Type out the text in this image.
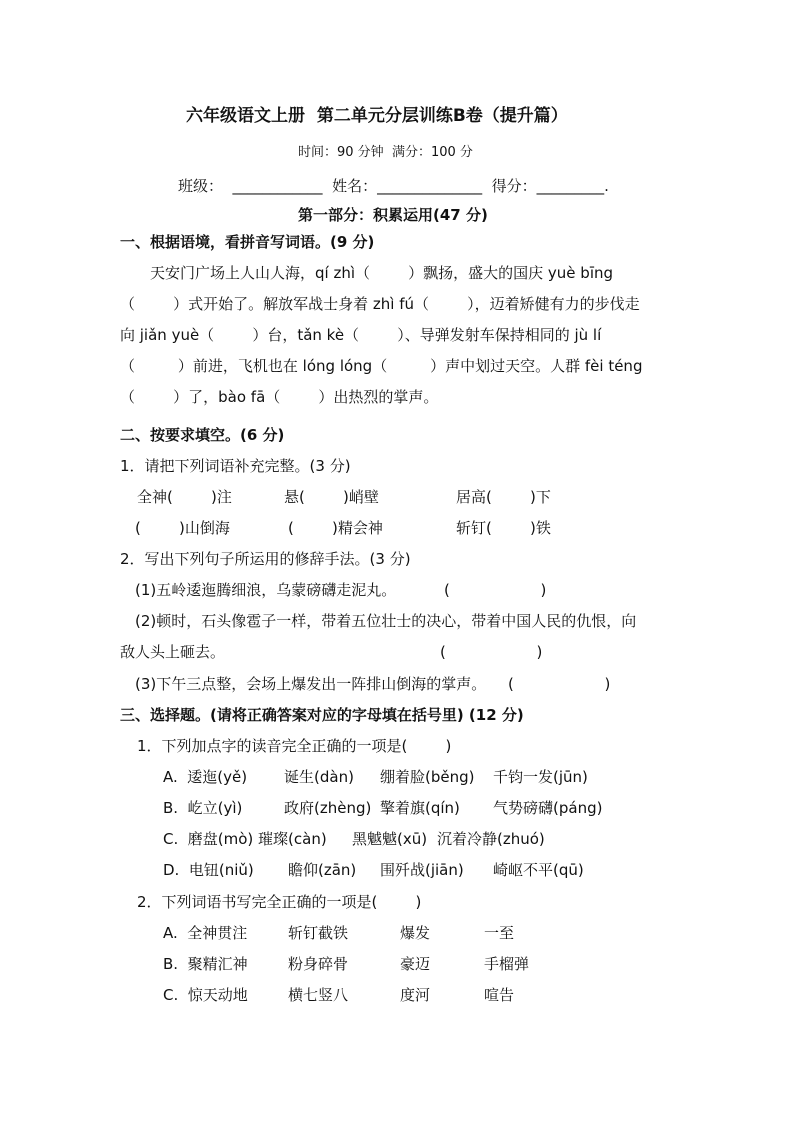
六年级语文上册  第二单元分层训练B卷（提升篇）
时间：90 分钟  满分：100 分
班级：  ____________  姓名：______________  得分：_________.
第一部分：积累运用(47 分)
一、根据语境，看拼音写词语。(9 分)
天安门广场上人山人海，qí zhì（        ）飘扬，盛大的国庆 yuè bīng
（        ）式开始了。解放军战士身着 zhì fú（        ），迈着矫健有力的步伐走
向 jiǎn yuè（        ）台，tǎn kè（        ）、导弹发射车保持相同的 jù lí
（         ）前进，飞机也在 lóng lóng（         ）声中划过天空。人群 fèi téng
（        ）了，bào fā（        ）出热烈的掌声。
二、按要求填空。(6 分)
1．请把下列词语补充完整。(3 分)
全神(        )注	悬(        )峭壁	居高(        )下
(        )山倒海	(        )精会神	斩钉(        )铁
2．写出下列句子所运用的修辞手法。(3 分)
(1)五岭逶迤腾细浪，乌蒙磅礴走泥丸。	(                   )
(2)顿时，石头像雹子一样，带着五位壮士的决心，带着中国人民的仇恨，向
敌人头上砸去。	(                   )
(3)下午三点整，会场上爆发出一阵排山倒海的掌声。 (                   )
三、选择题。(请将正确答案对应的字母填在括号里) (12 分)
1．下列加点字的读音完全正确的一项是(        )
A.  逶迤(yě) 诞生(dàn) 绷着脸(běng) 千钧一发(jūn)
B.  屹立(yì)	政府(zhèng) 擎着旗(qín) 气势磅礴(páng)
C.  磨盘(mò) 璀璨(càn) 黑魆魆(xū) 沉着冷静(zhuó)
D.  电钮(niǔ) 瞻仰(zān) 围歼战(jiān) 崎岖不平(qū)
2．下列词语书写完全正确的一项是(        )
A.  全神贯注	斩钉截铁	爆发	一至
B.  聚精汇神	粉身碎骨	豪迈	手榴弹
C.  惊天动地	横七竖八	度河	喧告
